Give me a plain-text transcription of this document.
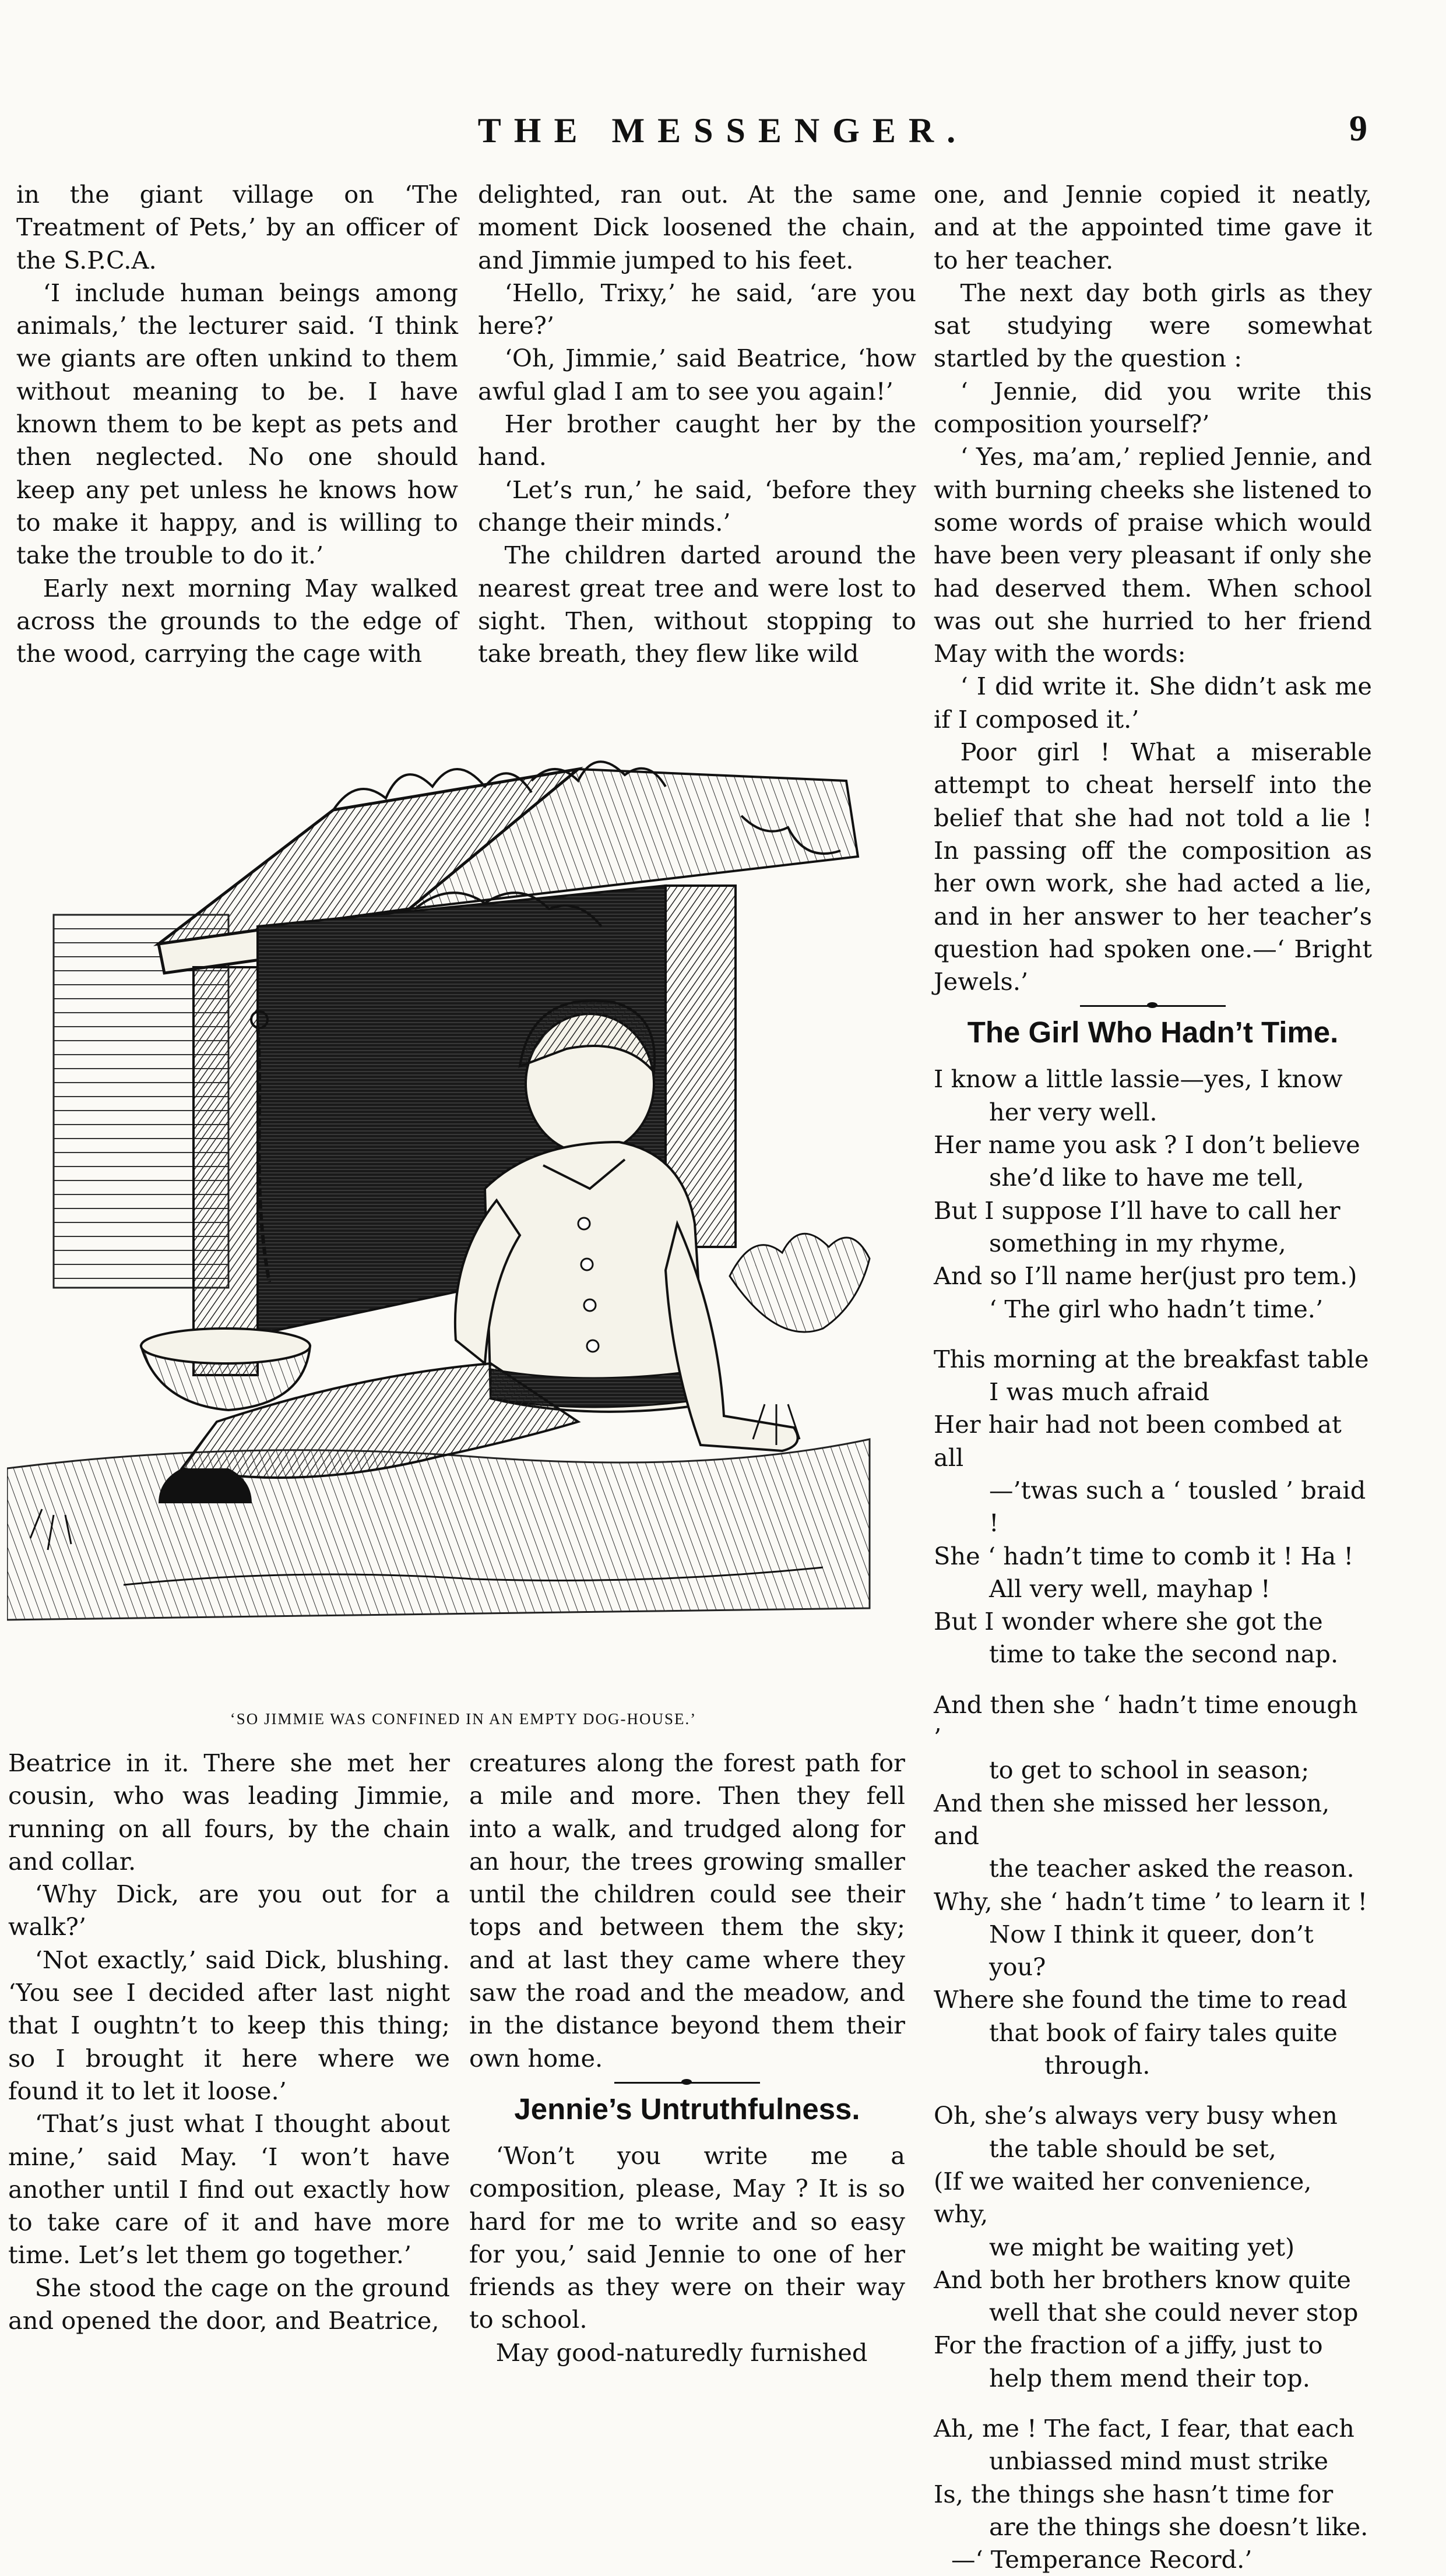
THE MESSENGER.	9

in the giant village on ‘The Treatment of Pets,’ by an officer of the S.P.C.A.

‘I include human beings among animals,’ the lecturer said. ‘I think we giants are often unkind to them without meaning to be. I have known them to be kept as pets and then neglected. No one should keep any pet unless he knows how to make it happy, and is willing to take the trouble to do it.’

Early next morning May walked across the grounds to the edge of the wood, carrying the cage with

delighted, ran out. At the same moment Dick loosened the chain, and Jimmie jumped to his feet.

‘Hello, Trixy,’ he said, ‘are you here?’

‘Oh, Jimmie,’ said Beatrice, ‘how awful glad I am to see you again!’

Her brother caught her by the hand.

‘Let’s run,’ he said, ‘before they change their minds.’

The children darted around the nearest great tree and were lost to sight. Then, without stopping to take breath, they flew like wild

one, and Jennie copied it neatly, and at the appointed time gave it to her teacher.

The next day both girls as they sat studying were somewhat startled by the question :

‘ Jennie, did you write this composition yourself?’

‘ Yes, ma’am,’ replied Jennie, and with burning cheeks she listened to some words of praise which would have been very pleasant if only she had deserved them. When school was out she hurried to her friend May with the words:

‘ I did write it. She didn’t ask me if I composed it.’

Poor girl ! What a miserable attempt to cheat herself into the belief that she had not told a lie ! In passing off the composition as her own work, she had acted a lie, and in her answer to her teacher’s question had spoken one.—‘ Bright Jewels.’

The Girl Who Hadn’t Time.

I know a little lassie—yes, I know

her very well.

Her name you ask ? I don’t believe

she’d like to have me tell,

But I suppose I’ll have to call her

something in my rhyme,

And so I’ll name her(just pro tem.)

‘ The girl who hadn’t time.’

This morning at the breakfast table

I was much afraid

Her hair had not been combed at all

—’twas such a ‘ tousled ’ braid !

She ‘ hadn’t time to comb it ! Ha !

All very well, mayhap !

But I wonder where she got the

time to take the second nap.

And then she ‘ hadn’t time enough ’

to get to school in season;

And then she missed her lesson, and

the teacher asked the reason.

Why, she ‘ hadn’t time ’ to learn it !

Now I think it queer, don’t you?

Where she found the time to read

that book of fairy tales quite

through.

Oh, she’s always very busy when

the table should be set,

(If we waited her convenience, why,

we might be waiting yet)

And both her brothers know quite

well that she could never stop

For the fraction of a jiffy, just to

help them mend their top.

Ah, me ! The fact, I fear, that each

unbiassed mind must strike

Is, the things she hasn’t time for

are the things she doesn’t like.

—‘ Temperance Record.’

‘SO JIMMIE WAS CONFINED IN AN EMPTY DOG-HOUSE.’

Beatrice in it. There she met her cousin, who was leading Jimmie, running on all fours, by the chain and collar.

‘Why Dick, are you out for a walk?’

‘Not exactly,’ said Dick, blushing. ‘You see I decided after last night that I oughtn’t to keep this thing; so I brought it here where we found it to let it loose.’

‘That’s just what I thought about mine,’ said May. ‘I won’t have another until I find out exactly how to take care of it and have more time. Let’s let them go together.’

She stood the cage on the ground and opened the door, and Beatrice,

creatures along the forest path for a mile and more. Then they fell into a walk, and trudged along for an hour, the trees growing smaller until the children could see their tops and between them the sky; and at last they came where they saw the road and the meadow, and in the distance beyond them their own home.

Jennie’s Untruthfulness.

‘Won’t you write me a composition, please, May ? It is so hard for me to write and so easy for you,’ said Jennie to one of her friends as they were on their way to school.

May good-naturedly furnished
